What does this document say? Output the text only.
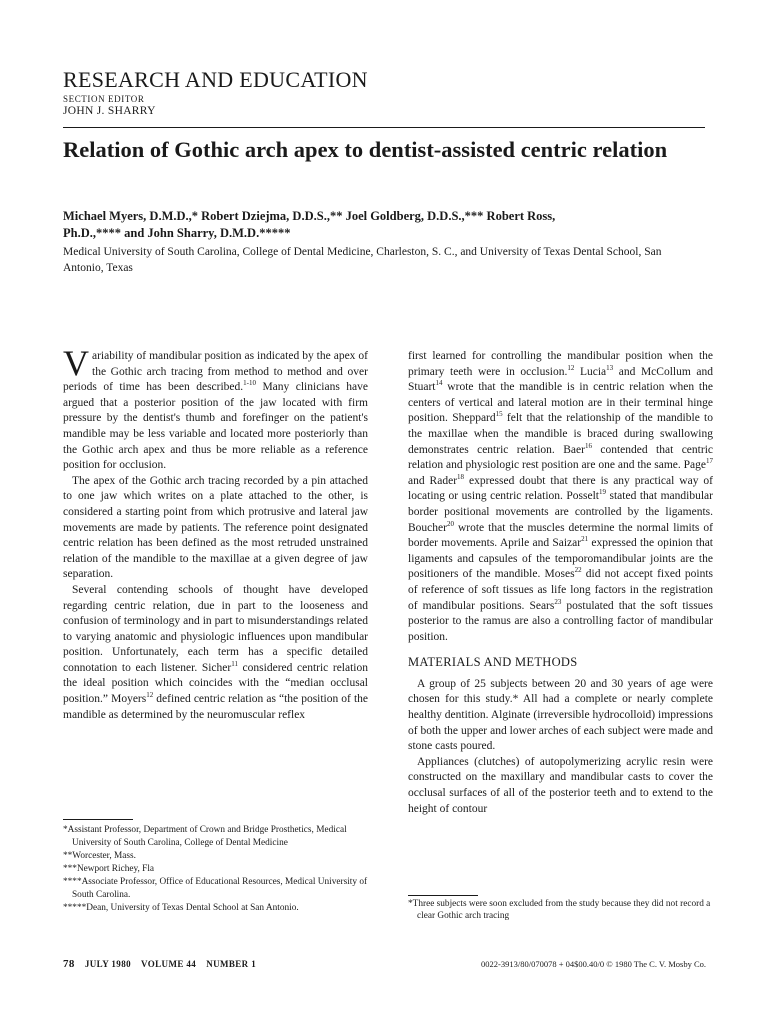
RESEARCH AND EDUCATION
SECTION EDITOR
JOHN J. SHARRY
Relation of Gothic arch apex to dentist-assisted centric relation
Michael Myers, D.M.D.,* Robert Dziejma, D.D.S.,** Joel Goldberg, D.D.S.,*** Robert Ross,
Ph.D.,**** and John Sharry, D.M.D.*****
Medical University of South Carolina, College of Dental Medicine, Charleston, S. C., and University of Texas Dental School, San Antonio, Texas

Variability of mandibular position as indicated by the apex of the Gothic arch tracing from method to method and over periods of time has been described.$^{1-10}$ Many clinicians have argued that a posterior position of the jaw located with firm pressure by the dentist's thumb and forefinger on the patient's mandible may be less variable and located more posteriorly than the Gothic arch apex and thus be more reliable as a reference position for occlusion.

The apex of the Gothic arch tracing recorded by a pin attached to one jaw which writes on a plate attached to the other, is considered a starting point from which protrusive and lateral jaw movements are made by patients. The reference point designated centric relation has been defined as the most retruded unstrained relation of the mandible to the maxillae at a given degree of jaw separation.

Several contending schools of thought have developed regarding centric relation, due in part to the looseness and confusion of terminology and in part to misunderstandings related to varying anatomic and physiologic influences upon mandibular position. Unfortunately, each term has a specific detailed connotation to each listener. Sicher$^{11}$ considered centric relation the ideal position which coincides with the “median occlusal position.” Moyers$^{12}$ defined centric relation as “the position of the mandible as determined by the neuromuscular reflex

*Assistant Professor, Department of Crown and Bridge Prosthetics, Medical University of South Carolina, College of Dental Medicine
**Worcester, Mass.
***Newport Richey, Fla
****Associate Professor, Office of Educational Resources, Medical University of South Carolina.
*****Dean, University of Texas Dental School at San Antonio.

first learned for controlling the mandibular position when the primary teeth were in occlusion.$^{12}$ Lucia$^{13}$ and McCollum and Stuart$^{14}$ wrote that the mandible is in centric relation when the centers of vertical and lateral motion are in their terminal hinge position. Sheppard$^{15}$ felt that the relationship of the mandible to the maxillae when the mandible is braced during swallowing demonstrates centric relation. Baer$^{16}$ contended that centric relation and physiologic rest position are one and the same. Page$^{17}$ and Rader$^{18}$ expressed doubt that there is any practical way of locating or using centric relation. Posselt$^{19}$ stated that mandibular border positional movements are controlled by the ligaments. Boucher$^{20}$ wrote that the muscles determine the normal limits of border movements. Aprile and Saizar$^{21}$ expressed the opinion that ligaments and capsules of the temporomandibular joints are the positioners of the mandible. Moses$^{22}$ did not accept fixed points of reference of soft tissues as life long factors in the registration of mandibular positions. Sears$^{23}$ postulated that the soft tissues posterior to the ramus are also a controlling factor of mandibular position.

MATERIALS AND METHODS

A group of 25 subjects between 20 and 30 years of age were chosen for this study.* All had a complete or nearly complete healthy dentition. Alginate (irreversible hydrocolloid) impressions of both the upper and lower arches of each subject were made and stone casts poured.

Appliances (clutches) of autopolymerizing acrylic resin were constructed on the maxillary and mandibular casts to cover the occlusal surfaces of all of the posterior teeth and to extend to the height of contour

*Three subjects were soon excluded from the study because they did not record a clear Gothic arch tracing
78 JULY 1980 VOLUME 44 NUMBER 1	0022-3913/80/070078 + 04$00.40/0 © 1980 The C. V. Mosby Co.
